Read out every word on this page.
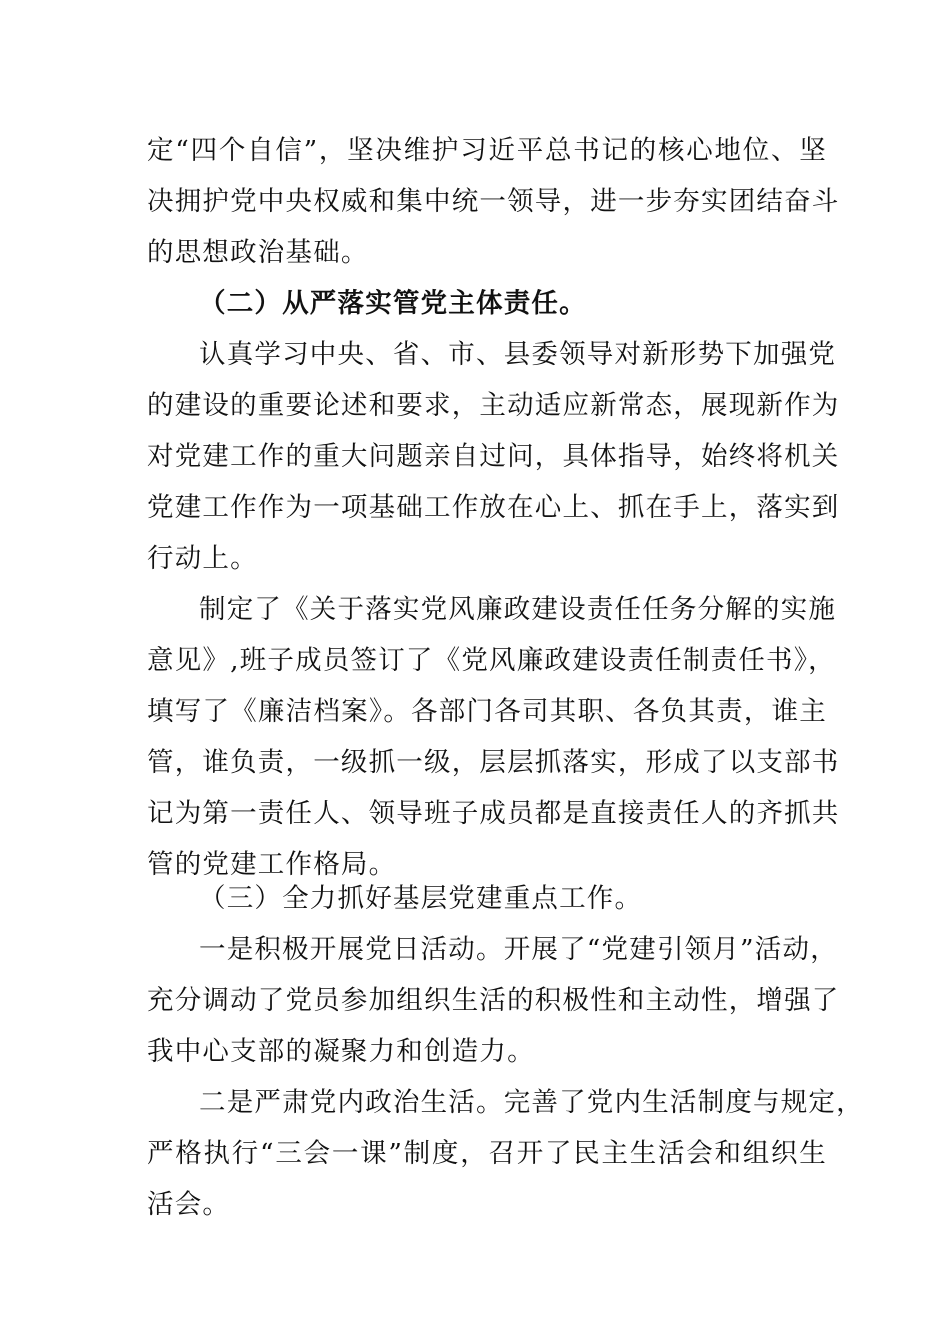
定“四个自信”，坚决维护习近平总书记的核心地位、坚
决拥护党中央权威和集中统一领导，进一步夯实团结奋斗
的思想政治基础。
（二）从严落实管党主体责任。
认真学习中央、省、市、县委领导对新形势下加强党
的建设的重要论述和要求，主动适应新常态，展现新作为
对党建工作的重大问题亲自过问，具体指导，始终将机关
党建工作作为一项基础工作放在心上、抓在手上，落实到
行动上。
制定了《关于落实党风廉政建设责任任务分解的实施
意见》,班子成员签订了《党风廉政建设责任制责任书》，
填写了《廉洁档案》。各部门各司其职、各负其责，谁主
管，谁负责，一级抓一级，层层抓落实，形成了以支部书
记为第一责任人、领导班子成员都是直接责任人的齐抓共
管的党建工作格局。
（三）全力抓好基层党建重点工作。
一是积极开展党日活动。开展了“党建引领月”活动，
充分调动了党员参加组织生活的积极性和主动性，增强了
我中心支部的凝聚力和创造力。
二是严肃党内政治生活。完善了党内生活制度与规定，
严格执行“三会一课”制度，召开了民主生活会和组织生
活会。
